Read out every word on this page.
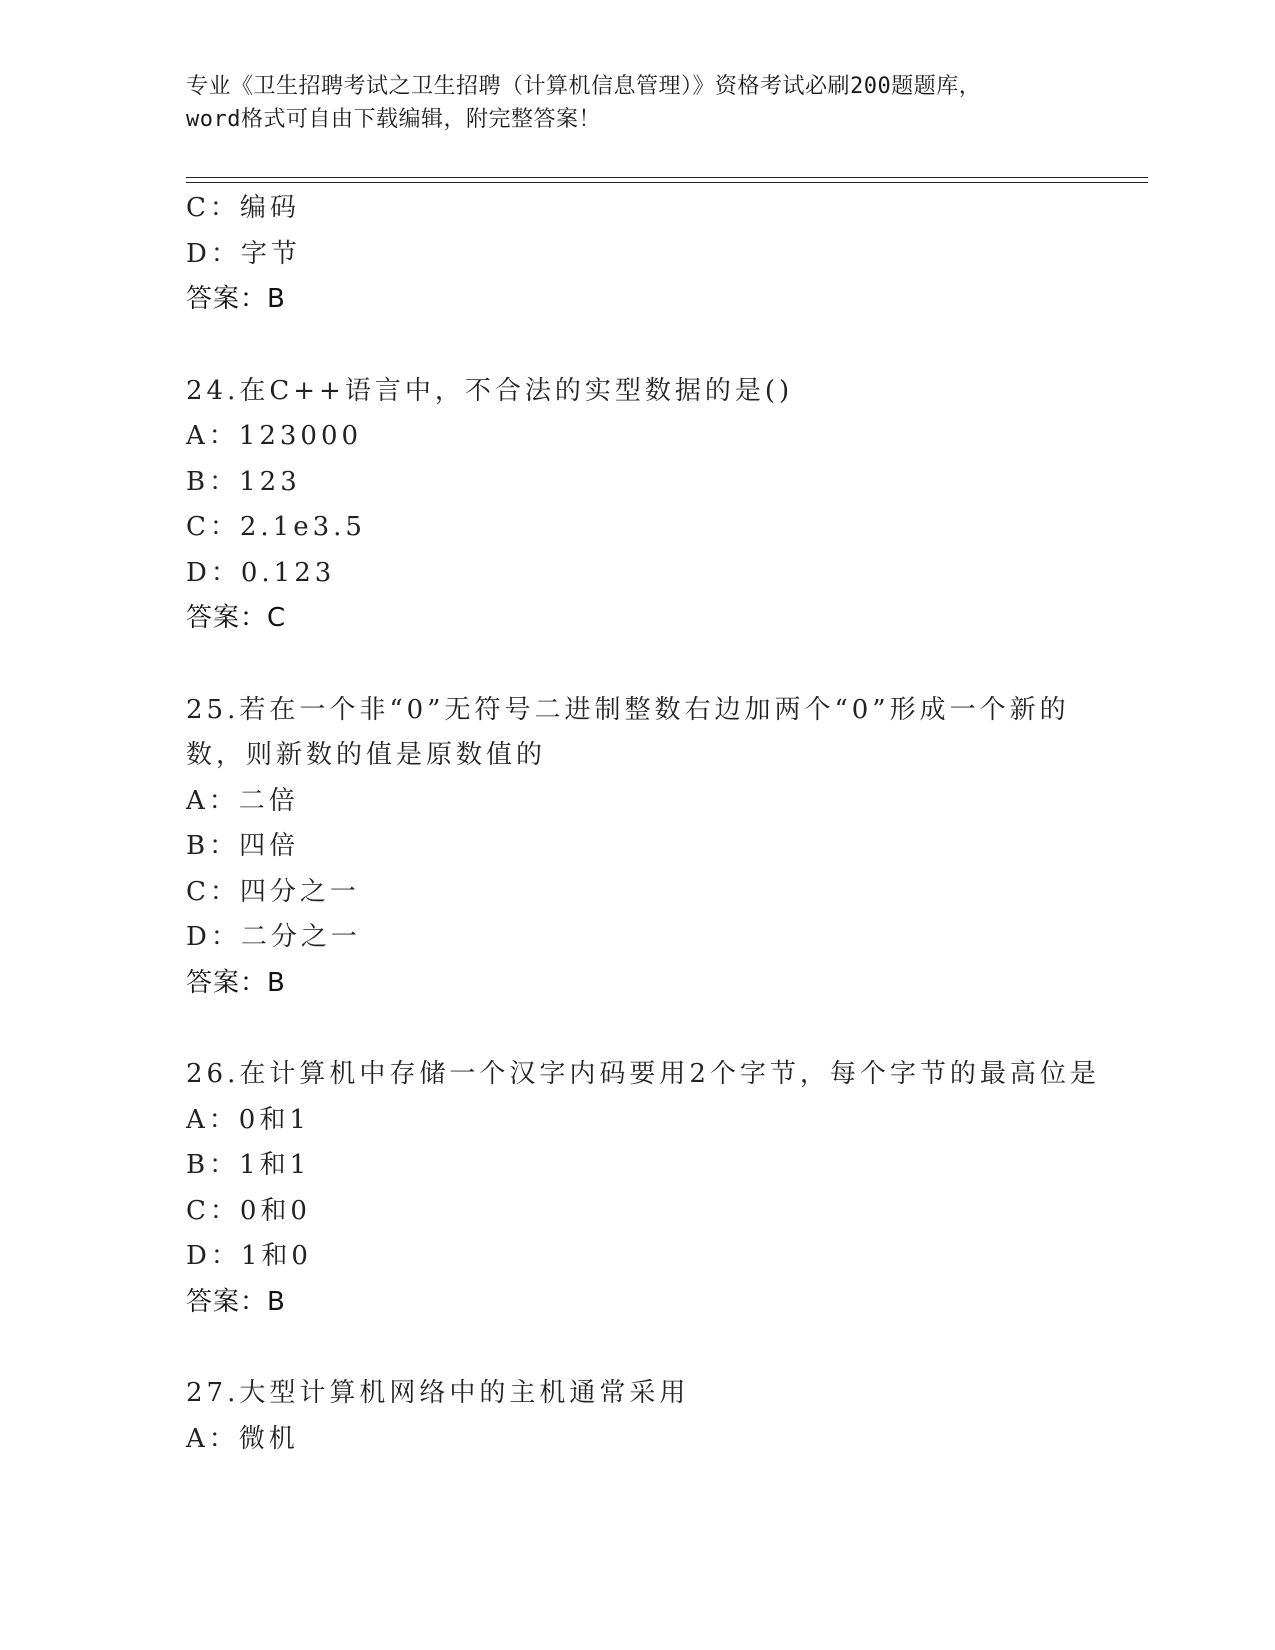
专业《卫生招聘考试之卫生招聘（计算机信息管理）》资格考试必刷200题题库，
word格式可自由下载编辑，附完整答案！
C：编码
D：字节
答案：B
24.在C++语言中，不合法的实型数据的是()
A：123000
B：123
C：2.1e3.5
D：0.123
答案：C
25.若在一个非“0”无符号二进制整数右边加两个“0”形成一个新的
数，则新数的值是原数值的
A：二倍
B：四倍
C：四分之一
D：二分之一
答案：B
26.在计算机中存储一个汉字内码要用2个字节，每个字节的最高位是
A：0和1
B：1和1
C：0和0
D：1和0
答案：B
27.大型计算机网络中的主机通常采用
A：微机
